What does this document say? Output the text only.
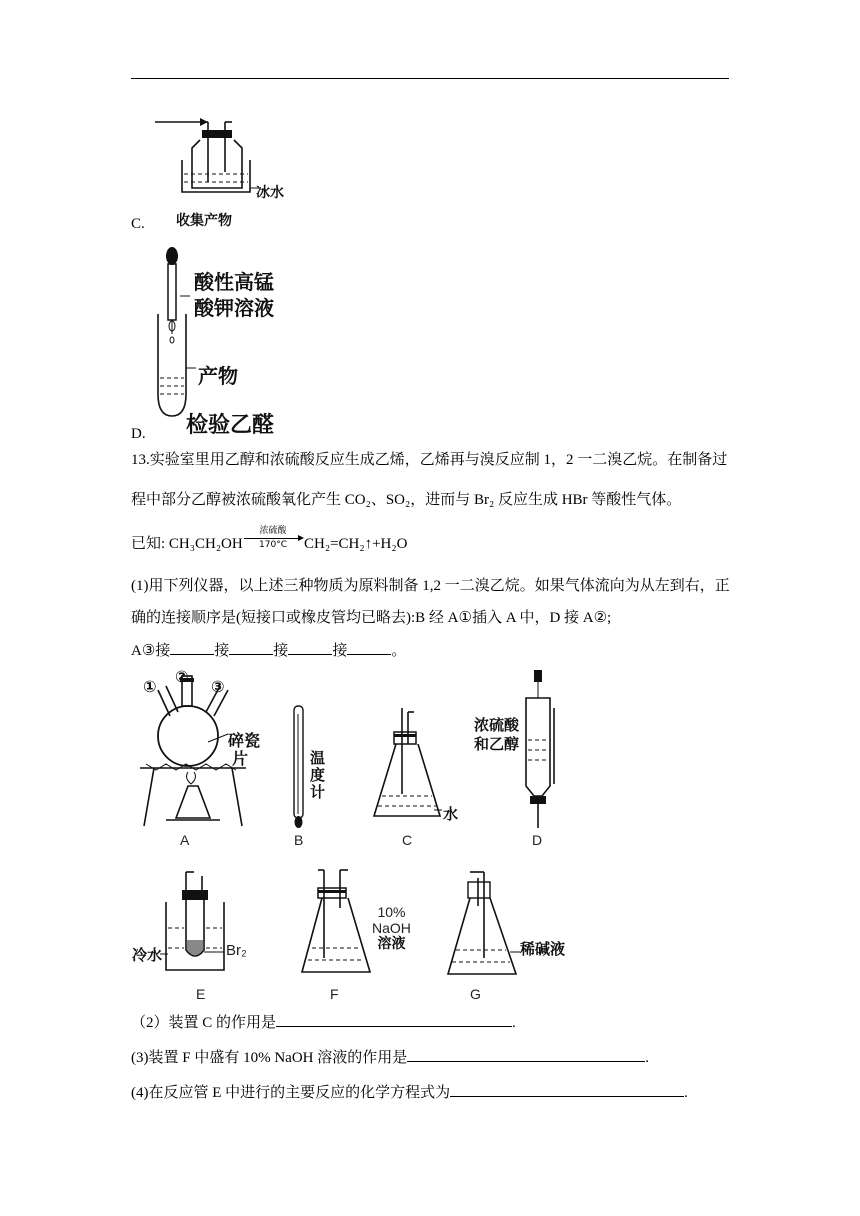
冰水
收集产物
C.
酸性高锰
酸钾溶液
产物
检验乙醛
D.
13.实验室里用乙醇和浓硫酸反应生成乙烯，乙烯再与溴反应制 1，2 一二溴乙烷。在制备过
程中部分乙醇被浓硫酸氧化产生 CO₂、SO₂，进而与 Br₂ 反应生成 HBr 等酸性气体。
已知: CH₃CH₂OH
浓硫酸
170°C	CH₂=CH₂↑+H₂O
(1)用下列仪器，以上述三种物质为原料制备 1,2 一二溴乙烷。如果气体流向为从左到右，正
确的连接顺序是(短接口或橡皮管均已略去):B 经 A①插入 A 中，D 接 A②;
A③接	接	接	接	。
①
②
③
碎瓷
片
A
温
度
计
B
水
C
浓硫酸
和乙醇
D
冷水	Br₂
E
10%
NaOH
溶液
F
稀碱液
G
（2）装置 C 的作用是	.
(3)装置 F 中盛有 10% NaOH 溶液的作用是	.
(4)在反应管 E 中进行的主要反应的化学方程式为	.
